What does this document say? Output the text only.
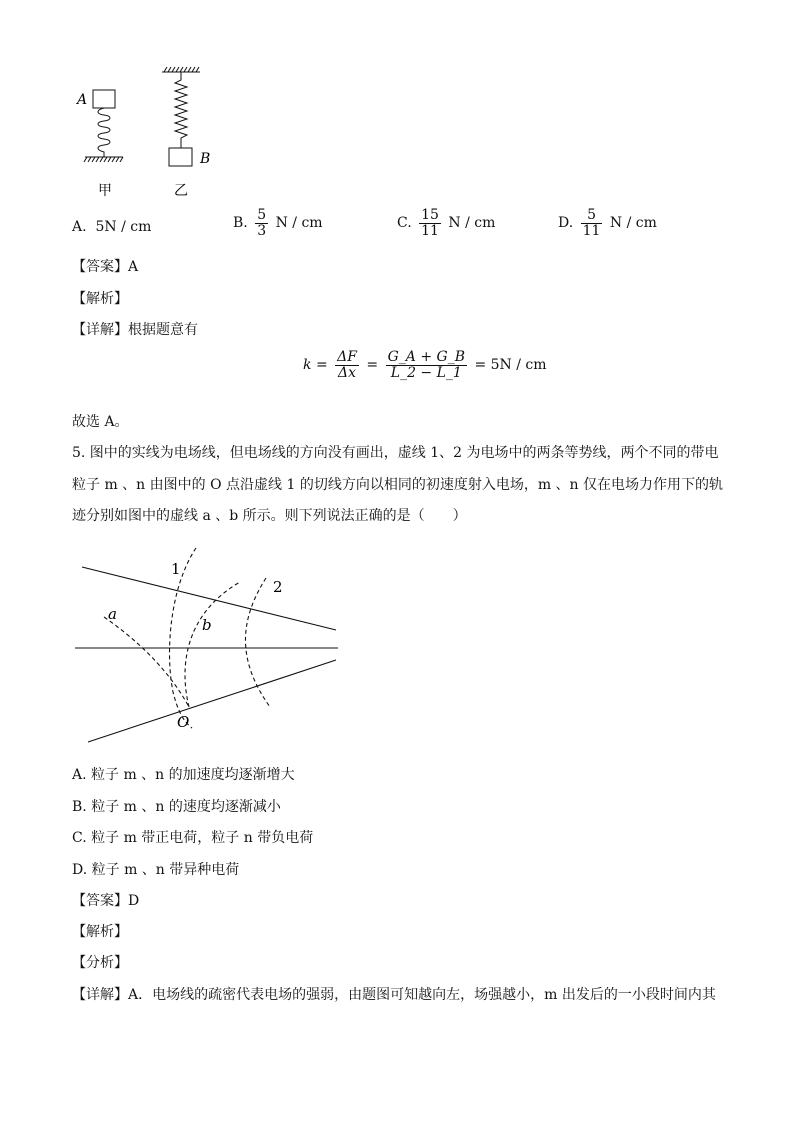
A
B
甲	乙
A. 5N / cm	B. $\frac{5}{3}$ N / cm	C. $\frac{15}{11}$ N / cm	D. $\frac{5}{11}$ N / cm
【答案】A
【解析】
【详解】根据题意有
$k = \frac{\Delta F}{\Delta x} = \frac{G\_A + G\_B}{L\_2 - L\_1} = 5N$ / cm
故选 A。
5. 图中的实线为电场线，但电场线的方向没有画出，虚线 1、2 为电场中的两条等势线，两个不同的带电
粒子 m 、n 由图中的 O 点沿虚线 1 的切线方向以相同的初速度射入电场，m 、n 仅在电场力作用下的轨
迹分别如图中的虚线 a 、b 所示。则下列说法正确的是（　　）
1
2
a
b
O
A. 粒子 m 、n 的加速度均逐渐增大
B. 粒子 m 、n 的速度均逐渐减小
C. 粒子 m 带正电荷，粒子 n 带负电荷
D. 粒子 m 、n 带异种电荷
【答案】D
【解析】
【分析】
【详解】A．电场线的疏密代表电场的强弱，由题图可知越向左，场强越小，m 出发后的一小段时间内其
